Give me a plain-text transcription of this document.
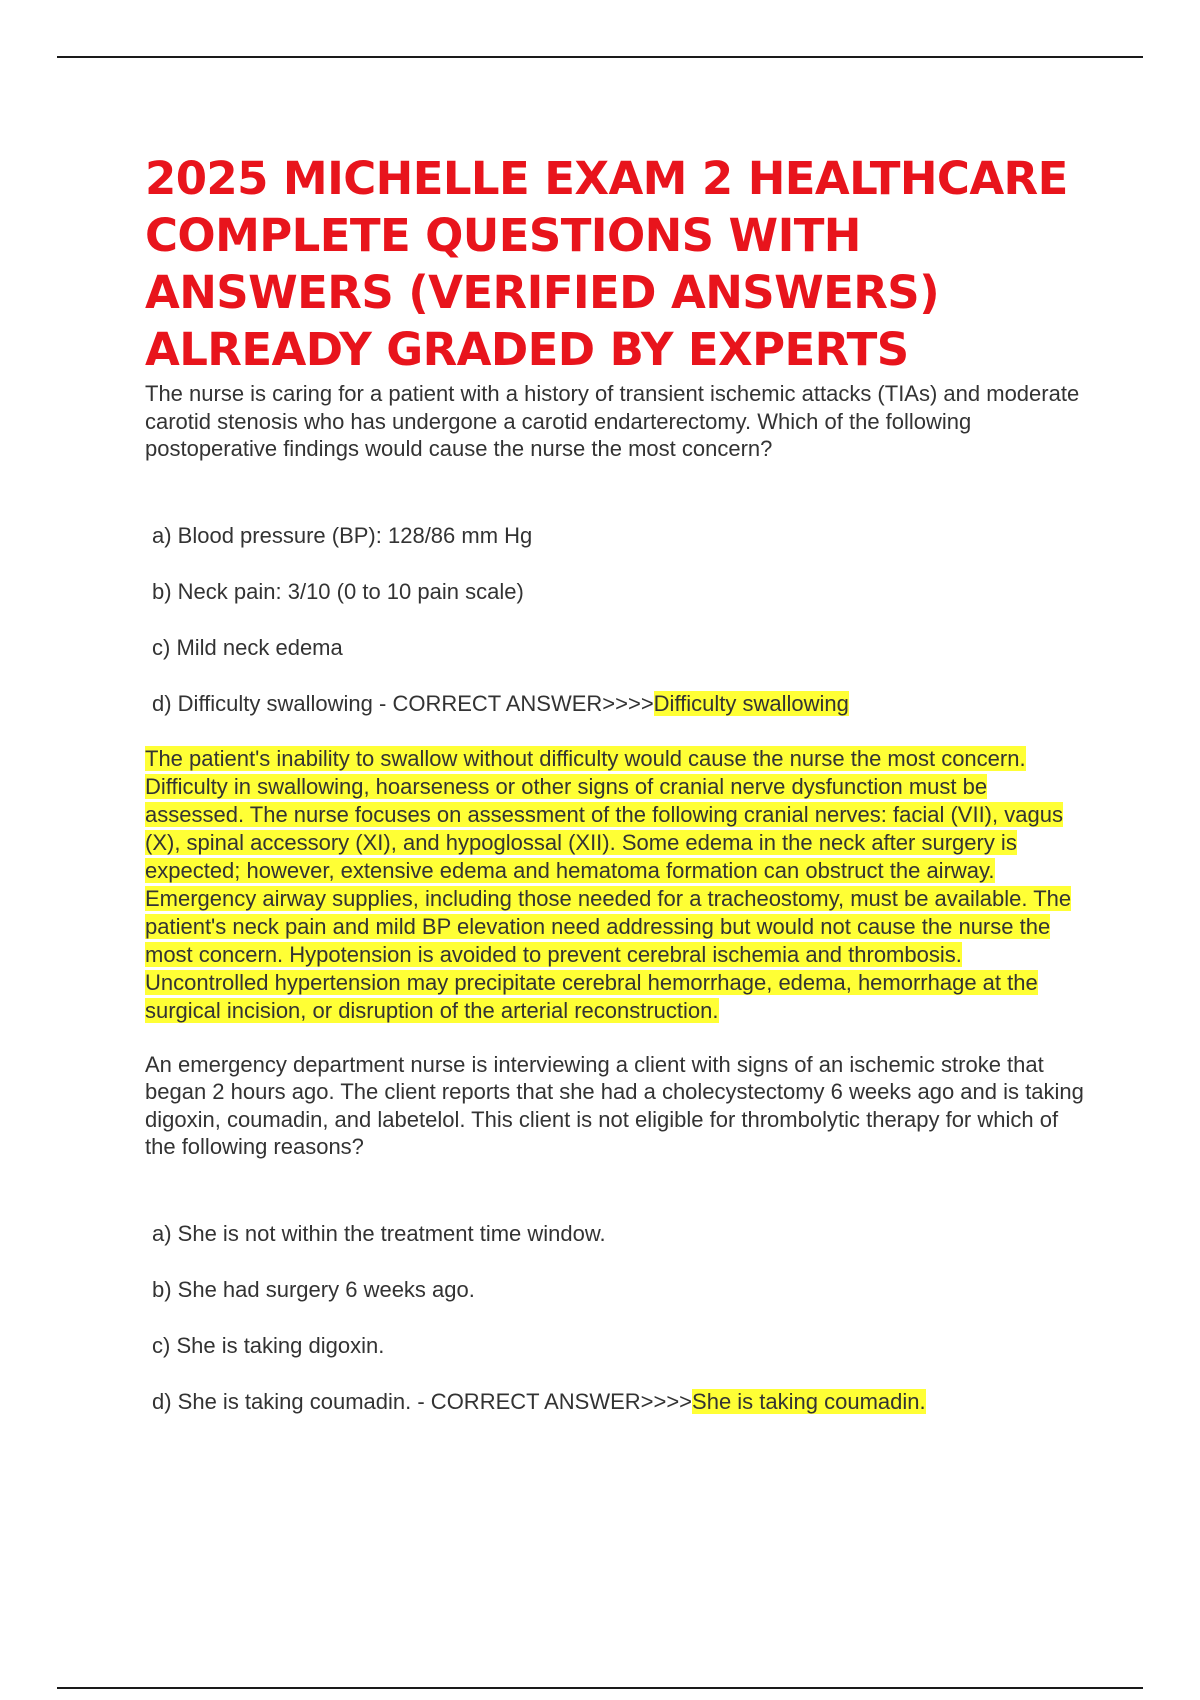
2025 MICHELLE EXAM 2 HEALTHCARE COMPLETE QUESTIONS WITH ANSWERS (VERIFIED ANSWERS) ALREADY GRADED BY EXPERTS

The nurse is caring for a patient with a history of transient ischemic attacks (TIAs) and moderate carotid stenosis who has undergone a carotid endarterectomy. Which of the following postoperative findings would cause the nurse the most concern?

a) Blood pressure (BP): 128/86 mm Hg
b) Neck pain: 3/10 (0 to 10 pain scale)
c) Mild neck edema
d) Difficulty swallowing - CORRECT ANSWER>>>>Difficulty swallowing

The patient's inability to swallow without difficulty would cause the nurse the most concern. Difficulty in swallowing, hoarseness or other signs of cranial nerve dysfunction must be assessed. The nurse focuses on assessment of the following cranial nerves: facial (VII), vagus (X), spinal accessory (XI), and hypoglossal (XII). Some edema in the neck after surgery is expected; however, extensive edema and hematoma formation can obstruct the airway. Emergency airway supplies, including those needed for a tracheostomy, must be available. The patient's neck pain and mild BP elevation need addressing but would not cause the nurse the most concern. Hypotension is avoided to prevent cerebral ischemia and thrombosis. Uncontrolled hypertension may precipitate cerebral hemorrhage, edema, hemorrhage at the surgical incision, or disruption of the arterial reconstruction.

An emergency department nurse is interviewing a client with signs of an ischemic stroke that began 2 hours ago. The client reports that she had a cholecystectomy 6 weeks ago and is taking digoxin, coumadin, and labetelol. This client is not eligible for thrombolytic therapy for which of the following reasons?

a) She is not within the treatment time window.
b) She had surgery 6 weeks ago.
c) She is taking digoxin.
d) She is taking coumadin. - CORRECT ANSWER>>>>She is taking coumadin.
